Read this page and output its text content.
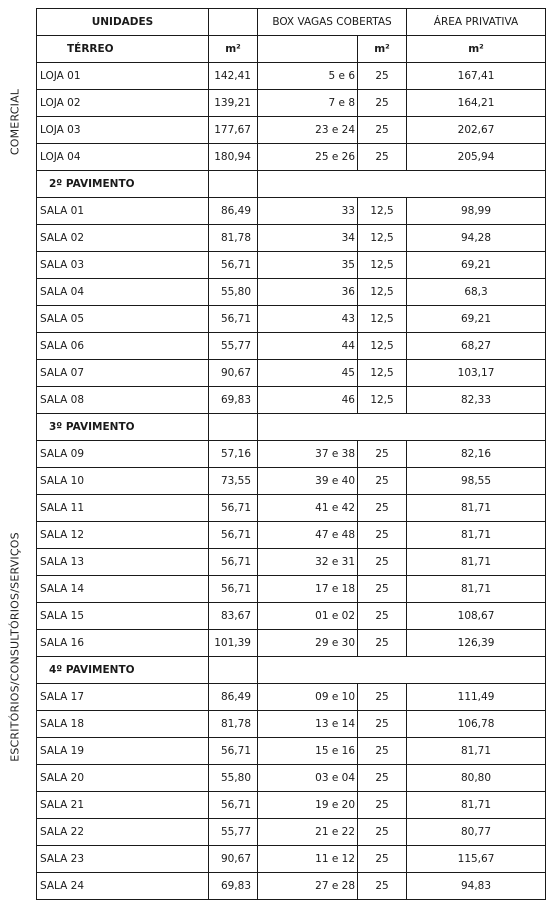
COMERCIAL
ESCRITÓRIOS/CONSULTÓRIOS/SERVIÇOS
UNIDADES		BOX VAGAS COBERTAS		ÁREA PRIVATIVA
TÉRREO	m²		m²	m²
LOJA 01	142,41	5 e 6	25	167,41
LOJA 02	139,21	7 e 8	25	164,21
LOJA 03	177,67	23 e 24	25	202,67
LOJA 04	180,94	25 e 26	25	205,94
2º PAVIMENTO				
SALA 01	86,49	33	12,5	98,99
SALA 02	81,78	34	12,5	94,28
SALA 03	56,71	35	12,5	69,21
SALA 04	55,80	36	12,5	68,3
SALA 05	56,71	43	12,5	69,21
SALA 06	55,77	44	12,5	68,27
SALA 07	90,67	45	12,5	103,17
SALA 08	69,83	46	12,5	82,33
3º PAVIMENTO				
SALA 09	57,16	37 e 38	25	82,16
SALA 10	73,55	39 e 40	25	98,55
SALA 11	56,71	41 e 42	25	81,71
SALA 12	56,71	47 e 48	25	81,71
SALA 13	56,71	32 e 31	25	81,71
SALA 14	56,71	17 e 18	25	81,71
SALA 15	83,67	01 e 02	25	108,67
SALA 16	101,39	29 e 30	25	126,39
4º PAVIMENTO				
SALA 17	86,49	09 e 10	25	111,49
SALA 18	81,78	13 e 14	25	106,78
SALA 19	56,71	15 e 16	25	81,71
SALA 20	55,80	03 e 04	25	80,80
SALA 21	56,71	19 e 20	25	81,71
SALA 22	55,77	21 e 22	25	80,77
SALA 23	90,67	11 e 12	25	115,67
SALA 24	69,83	27 e 28	25	94,83
